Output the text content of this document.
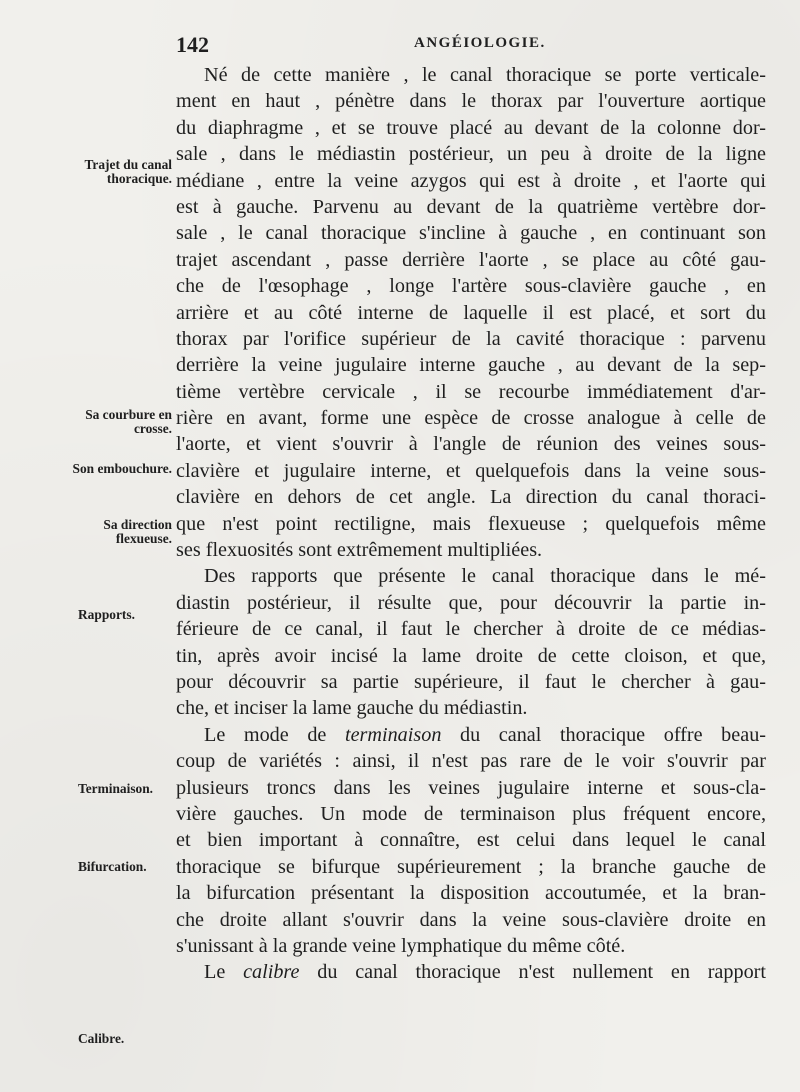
142	ANGÉIOLOGIE.
Trajet du canal thoracique.
Sa courbure en crosse.
Son embouchure.
Sa direction flexueuse.
Rapports.
Terminaison.
Bifurcation.
Calibre.
Né de cette manière , le canal thoracique se porte verticale-
ment en haut , pénètre dans le thorax par l'ouverture aortique
du diaphragme , et se trouve placé au devant de la colonne dor-
sale , dans le médiastin postérieur, un peu à droite de la ligne
médiane , entre la veine azygos qui est à droite , et l'aorte qui
est à gauche. Parvenu au devant de la quatrième vertèbre dor-
sale , le canal thoracique s'incline à gauche , en continuant son
trajet ascendant , passe derrière l'aorte , se place au côté gau-
che de l'œsophage , longe l'artère sous-clavière gauche , en
arrière et au côté interne de laquelle il est placé, et sort du
thorax par l'orifice supérieur de la cavité thoracique : parvenu
derrière la veine jugulaire interne gauche , au devant de la sep-
tième vertèbre cervicale , il se recourbe immédiatement d'ar-
rière en avant, forme une espèce de crosse analogue à celle de
l'aorte, et vient s'ouvrir à l'angle de réunion des veines sous-
clavière et jugulaire interne, et quelquefois dans la veine sous-
clavière en dehors de cet angle. La direction du canal thoraci-
que n'est point rectiligne, mais flexueuse ; quelquefois même
ses flexuosités sont extrêmement multipliées.
Des rapports que présente le canal thoracique dans le mé-
diastin postérieur, il résulte que, pour découvrir la partie in-
férieure de ce canal, il faut le chercher à droite de ce médias-
tin, après avoir incisé la lame droite de cette cloison, et que,
pour découvrir sa partie supérieure, il faut le chercher à gau-
che, et inciser la lame gauche du médiastin.
Le mode de terminaison du canal thoracique offre beau-
coup de variétés : ainsi, il n'est pas rare de le voir s'ouvrir par
plusieurs troncs dans les veines jugulaire interne et sous-cla-
vière gauches. Un mode de terminaison plus fréquent encore,
et bien important à connaître, est celui dans lequel le canal
thoracique se bifurque supérieurement ; la branche gauche de
la bifurcation présentant la disposition accoutumée, et la bran-
che droite allant s'ouvrir dans la veine sous-clavière droite en
s'unissant à la grande veine lymphatique du même côté.
Le calibre du canal thoracique n'est nullement en rapport
